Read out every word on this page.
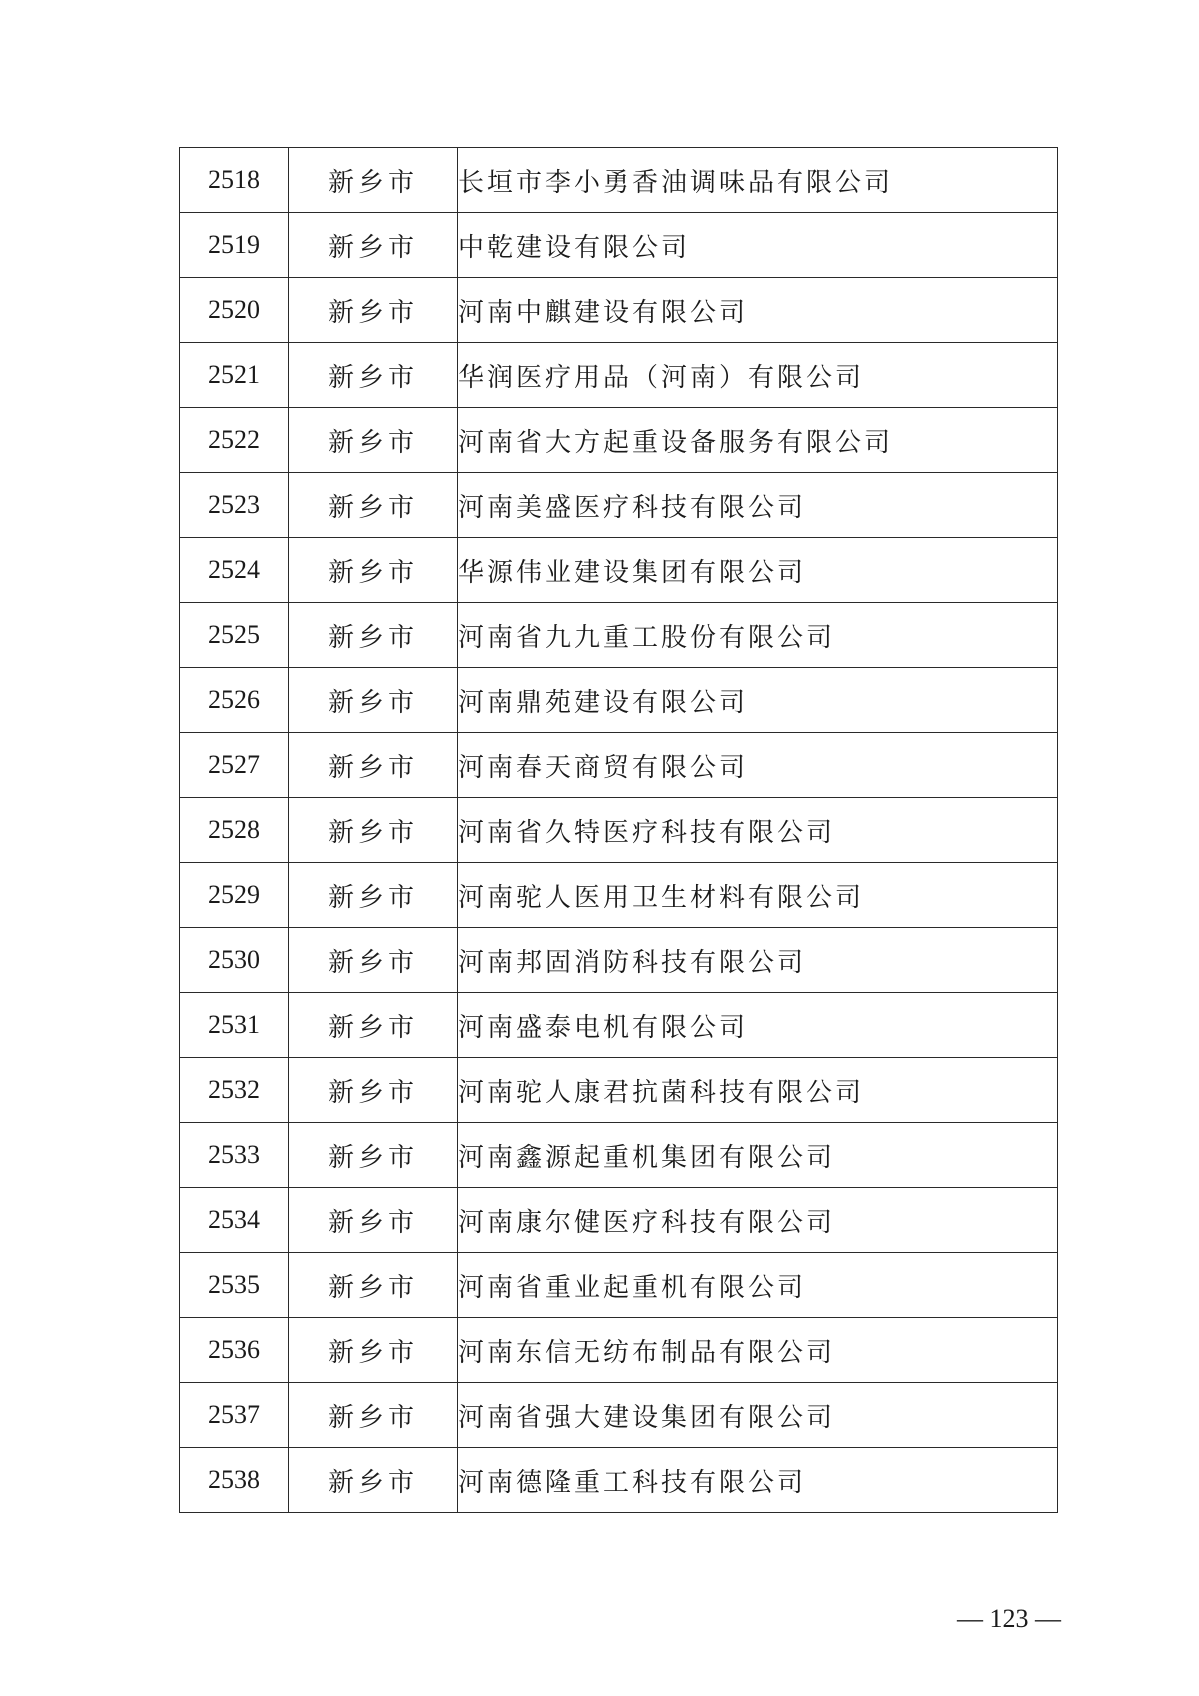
2518	新乡市	长垣市李小勇香油调味品有限公司
2519	新乡市	中乾建设有限公司
2520	新乡市	河南中麒建设有限公司
2521	新乡市	华润医疗用品（河南）有限公司
2522	新乡市	河南省大方起重设备服务有限公司
2523	新乡市	河南美盛医疗科技有限公司
2524	新乡市	华源伟业建设集团有限公司
2525	新乡市	河南省九九重工股份有限公司
2526	新乡市	河南鼎苑建设有限公司
2527	新乡市	河南春天商贸有限公司
2528	新乡市	河南省久特医疗科技有限公司
2529	新乡市	河南驼人医用卫生材料有限公司
2530	新乡市	河南邦固消防科技有限公司
2531	新乡市	河南盛泰电机有限公司
2532	新乡市	河南驼人康君抗菌科技有限公司
2533	新乡市	河南鑫源起重机集团有限公司
2534	新乡市	河南康尔健医疗科技有限公司
2535	新乡市	河南省重业起重机有限公司
2536	新乡市	河南东信无纺布制品有限公司
2537	新乡市	河南省强大建设集团有限公司
2538	新乡市	河南德隆重工科技有限公司
— 123 —
